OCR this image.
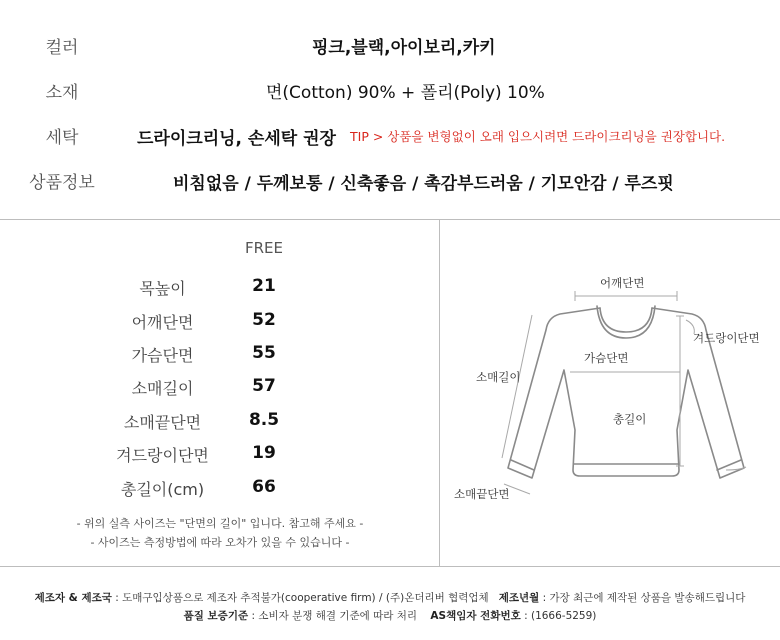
컬러	핑크,블랙,아이보리,카키
소재	면(Cotton) 90% + 폴리(Poly) 10%
세탁	드라이크리닝, 손세탁 권장 TIP > 상품을 변형없이 오래 입으시려면 드라이크리닝을 권장합니다.
상품정보	비침없음 / 두께보통 / 신축좋음 / 촉감부드러움 / 기모안감 / 루즈핏
FREE
목높이	21
어깨단면	52
가슴단면	55
소매길이	57
소매끝단면	8.5
겨드랑이단면	19
총길이(cm)	66
- 위의 실측 사이즈는 "단면의 길이" 입니다. 참고해 주세요 -
- 사이즈는 측정방법에 따라 오차가 있을 수 있습니다 -
어깨단면
겨드랑이단면
가슴단면
소매길이
총길이
소매끝단면
제조자 & 제조국 : 도매구입상품으로 제조자 추적불가(cooperative firm) / (주)온더리버 협력업체 제조년월 : 가장 최근에 제작된 상품을 발송해드립니다
품질 보증기준 : 소비자 분쟁 해결 기준에 따라 처리 AS책임자 전화번호 : (1666-5259)
